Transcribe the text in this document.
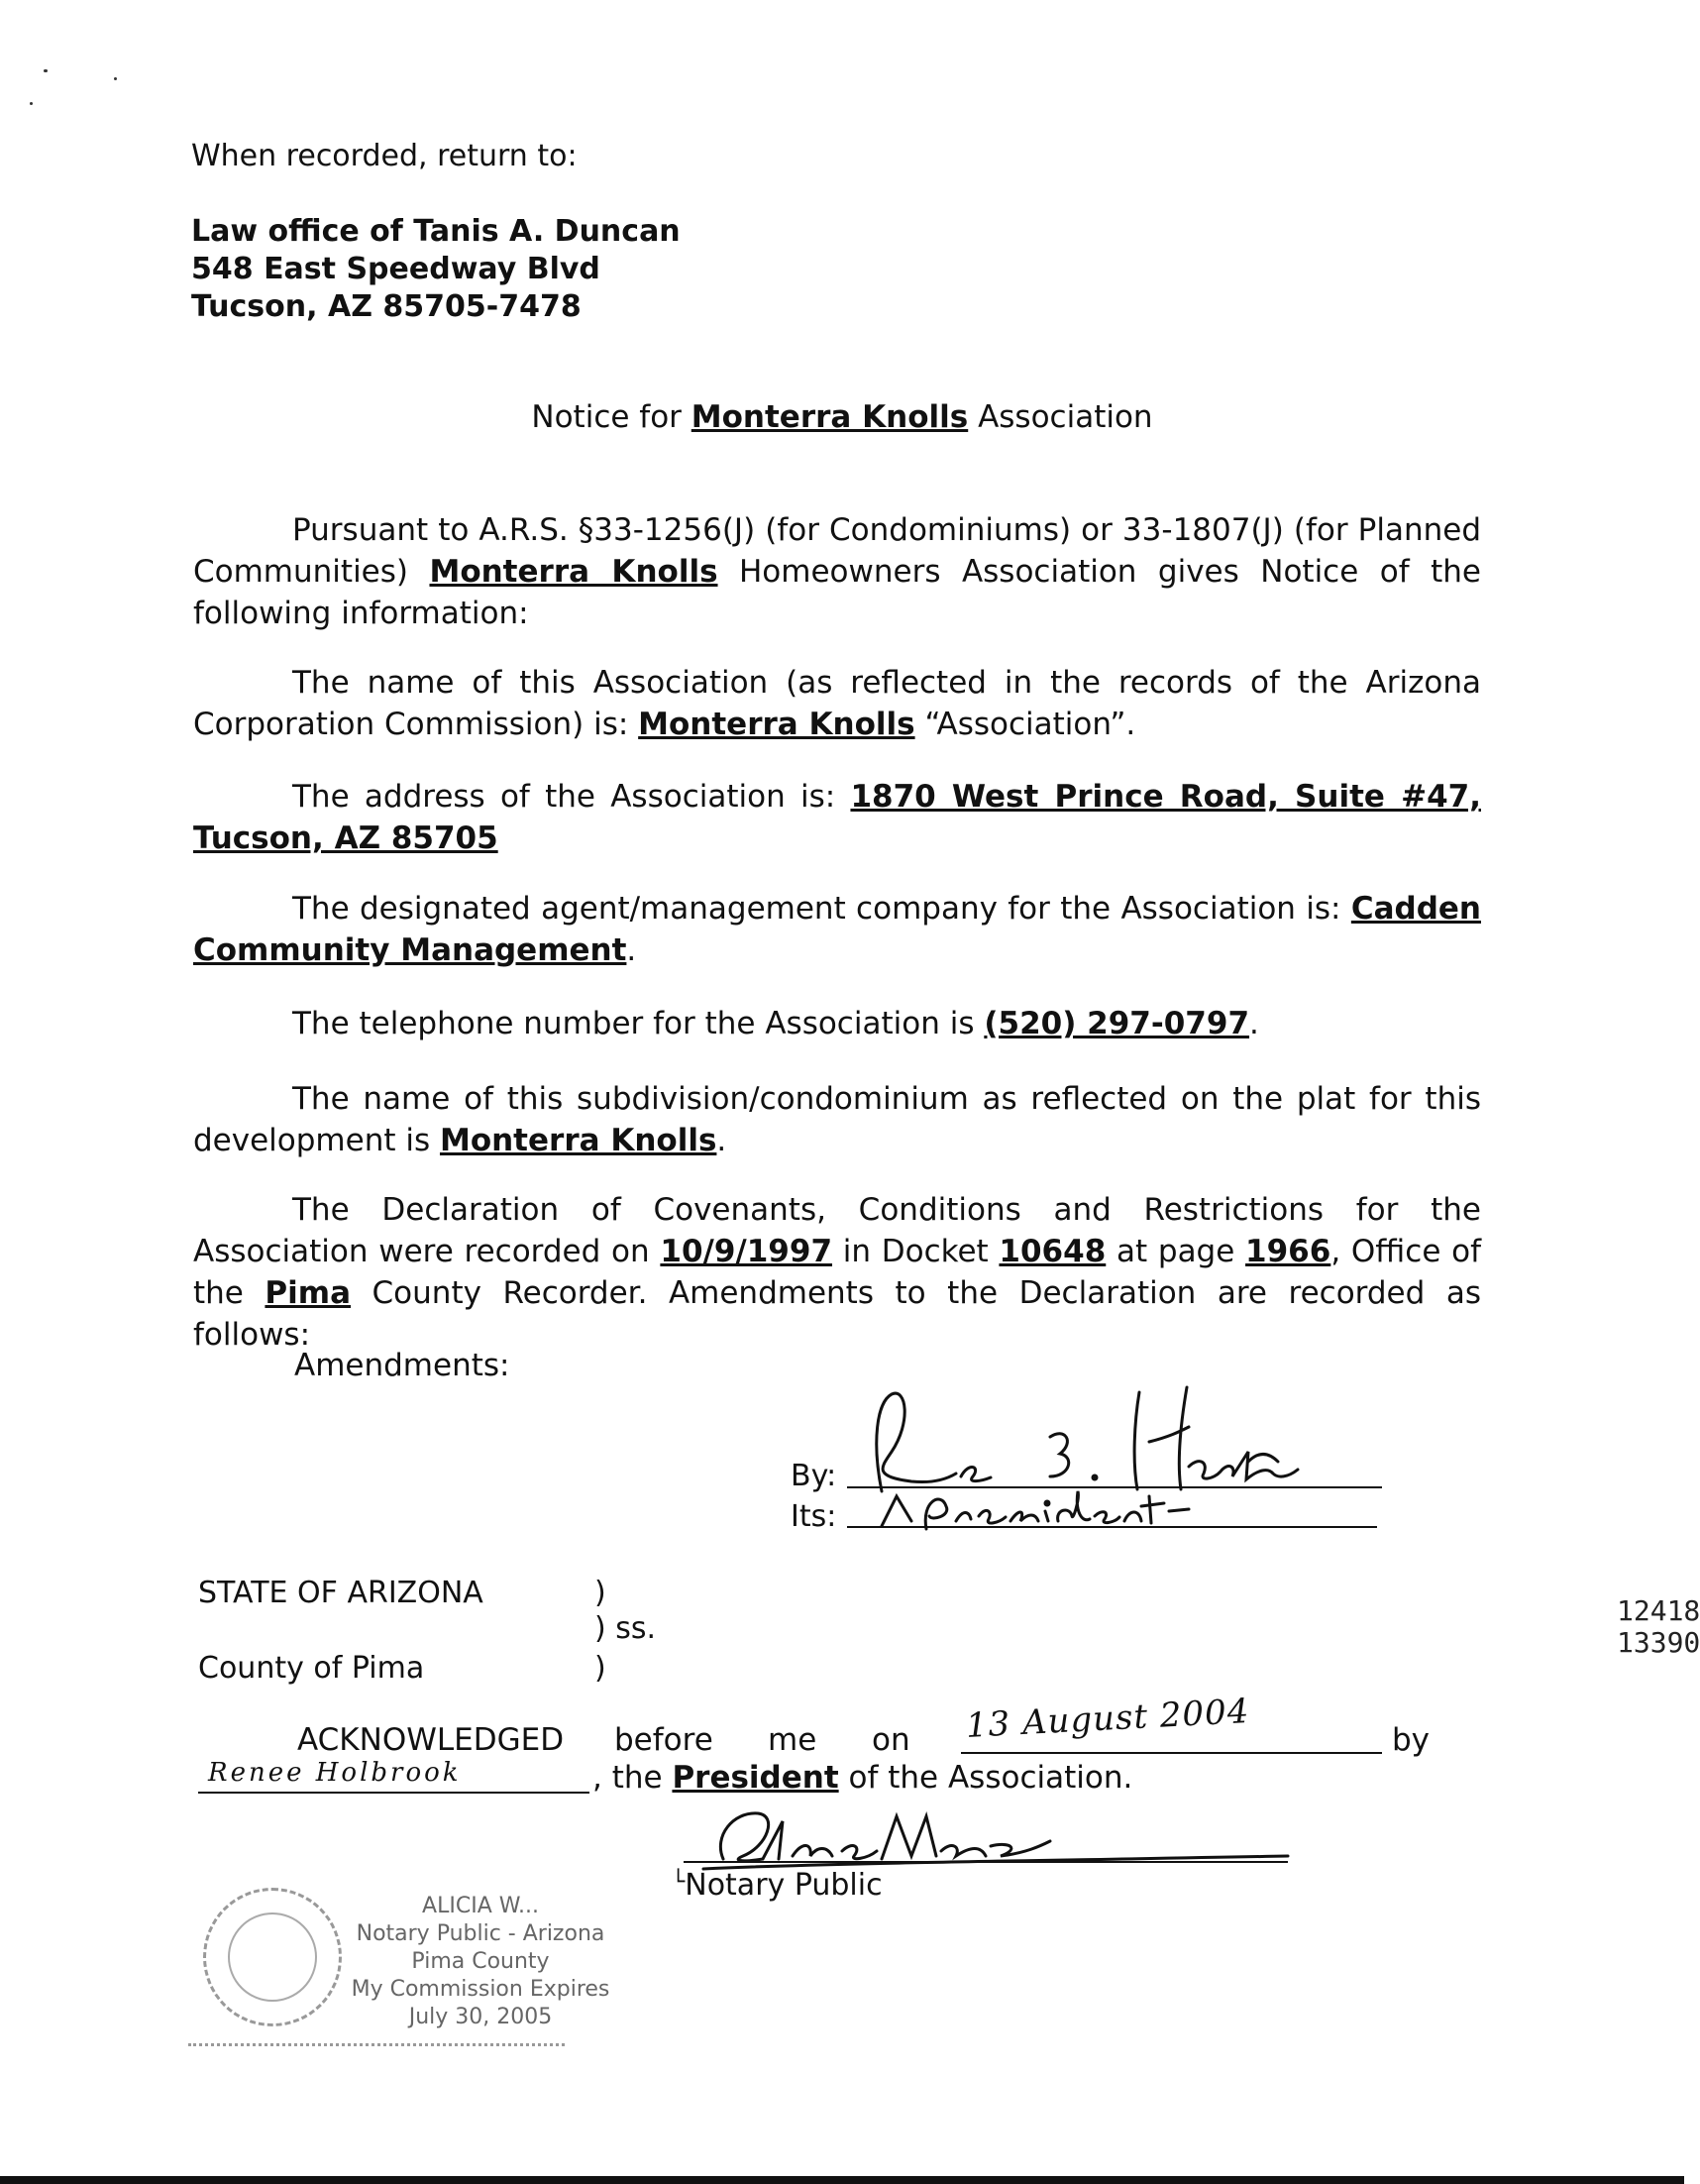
When recorded, return to:
Law office of Tanis A. Duncan
548 East Speedway Blvd
Tucson, AZ 85705-7478
Notice for Monterra Knolls Association
Pursuant to A.R.S. §33-1256(J) (for Condominiums) or 33-1807(J) (for Planned Communities) Monterra Knolls Homeowners Association gives Notice of the following information:
The name of this Association (as reflected in the records of the Arizona Corporation Commission) is: Monterra Knolls “Association”.
The address of the Association is: 1870 West Prince Road, Suite #47, Tucson, AZ 85705
The designated agent/management company for the Association is: Cadden Community Management.
The telephone number for the Association is (520) 297-0797.
The name of this subdivision/condominium as reflected on the plat for this development is Monterra Knolls.
The Declaration of Covenants, Conditions and Restrictions for the Association were recorded on 10/9/1997 in Docket 10648 at page 1966, Office of the Pima County Recorder. Amendments to the Declaration are recorded as follows:
Amendments:
By:
Its:
STATE OF ARIZONA	)
) ss.
County of Pima	)
ACKNOWLEDGED before me on 13 August 2004	by
Renee Holbrook	, the President of the Association.
└Notary Public
ALICIA W...
Notary Public - Arizona
Pima County
My Commission Expires
July 30, 2005
12418 13390
